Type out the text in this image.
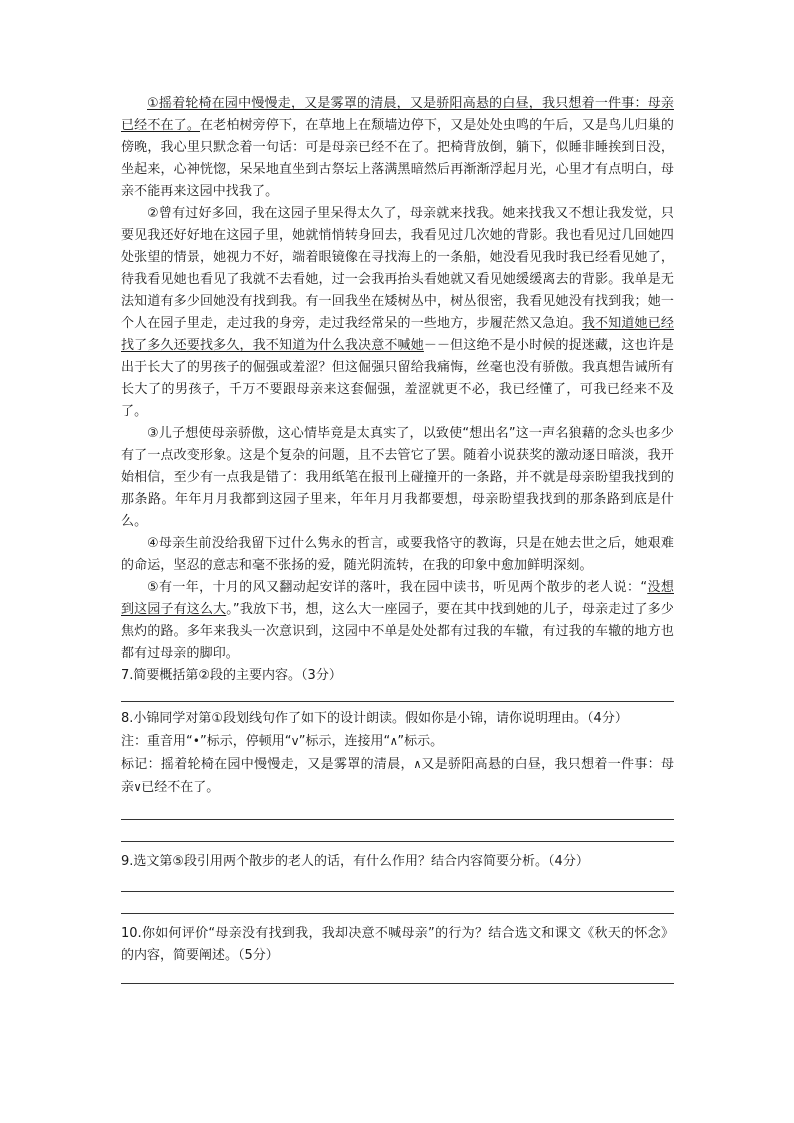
①摇着轮椅在园中慢慢走，又是雾罩的清晨，又是骄阳高悬的白昼，我只想着一件事：母亲已经不在了。在老柏树旁停下，在草地上在颓墙边停下，又是处处虫鸣的午后，又是鸟儿归巢的傍晚，我心里只默念着一句话：可是母亲已经不在了。把椅背放倒，躺下，似睡非睡挨到日没，坐起来，心神恍惚，呆呆地直坐到古祭坛上落满黑暗然后再渐渐浮起月光，心里才有点明白，母亲不能再来这园中找我了。

②曾有过好多回，我在这园子里呆得太久了，母亲就来找我。她来找我又不想让我发觉，只要见我还好好地在这园子里，她就悄悄转身回去，我看见过几次她的背影。我也看见过几回她四处张望的情景，她视力不好，端着眼镜像在寻找海上的一条船，她没看见我时我已经看见她了，待我看见她也看见了我就不去看她，过一会我再抬头看她就又看见她缓缓离去的背影。我单是无法知道有多少回她没有找到我。有一回我坐在矮树丛中，树丛很密，我看见她没有找到我；她一个人在园子里走，走过我的身旁，走过我经常呆的一些地方，步履茫然又急迫。我不知道她已经找了多久还要找多久，我不知道为什么我决意不喊她－－但这绝不是小时候的捉迷藏，这也许是出于长大了的男孩子的倔强或羞涩？但这倔强只留给我痛悔，丝毫也没有骄傲。我真想告诫所有长大了的男孩子，千万不要跟母亲来这套倔强，羞涩就更不必，我已经懂了，可我已经来不及了。

③儿子想使母亲骄傲，这心情毕竟是太真实了，以致使“想出名”这一声名狼藉的念头也多少有了一点改变形象。这是个复杂的问题，且不去管它了罢。随着小说获奖的激动逐日暗淡，我开始相信，至少有一点我是错了：我用纸笔在报刊上碰撞开的一条路，并不就是母亲盼望我找到的那条路。年年月月我都到这园子里来，年年月月我都要想，母亲盼望我找到的那条路到底是什么。

④母亲生前没给我留下过什么隽永的哲言，或要我恪守的教诲，只是在她去世之后，她艰难的命运，坚忍的意志和毫不张扬的爱，随光阴流转，在我的印象中愈加鲜明深刻。

⑤有一年，十月的风又翻动起安详的落叶，我在园中读书，听见两个散步的老人说：“没想到这园子有这么大。”我放下书，想，这么大一座园子，要在其中找到她的儿子，母亲走过了多少焦灼的路。多年来我头一次意识到，这园中不单是处处都有过我的车辙，有过我的车辙的地方也都有过母亲的脚印。

7.简要概括第②段的主要内容。（3分）

8.小锦同学对第①段划线句作了如下的设计朗读。假如你是小锦，请你说明理由。（4分）

注：重音用“•”标示，停顿用“v”标示，连接用“∧”标示。

标记：摇着轮椅在园中慢慢走，又是雾罩的清晨，∧又是骄阳高悬的白昼，我只想着一件事：母亲∨已经不在了。

9.选文第⑤段引用两个散步的老人的话，有什么作用？结合内容简要分析。（4分）

10.你如何评价“母亲没有找到我，我却决意不喊母亲”的行为？结合选文和课文《秋天的怀念》的内容，简要阐述。（5分）
